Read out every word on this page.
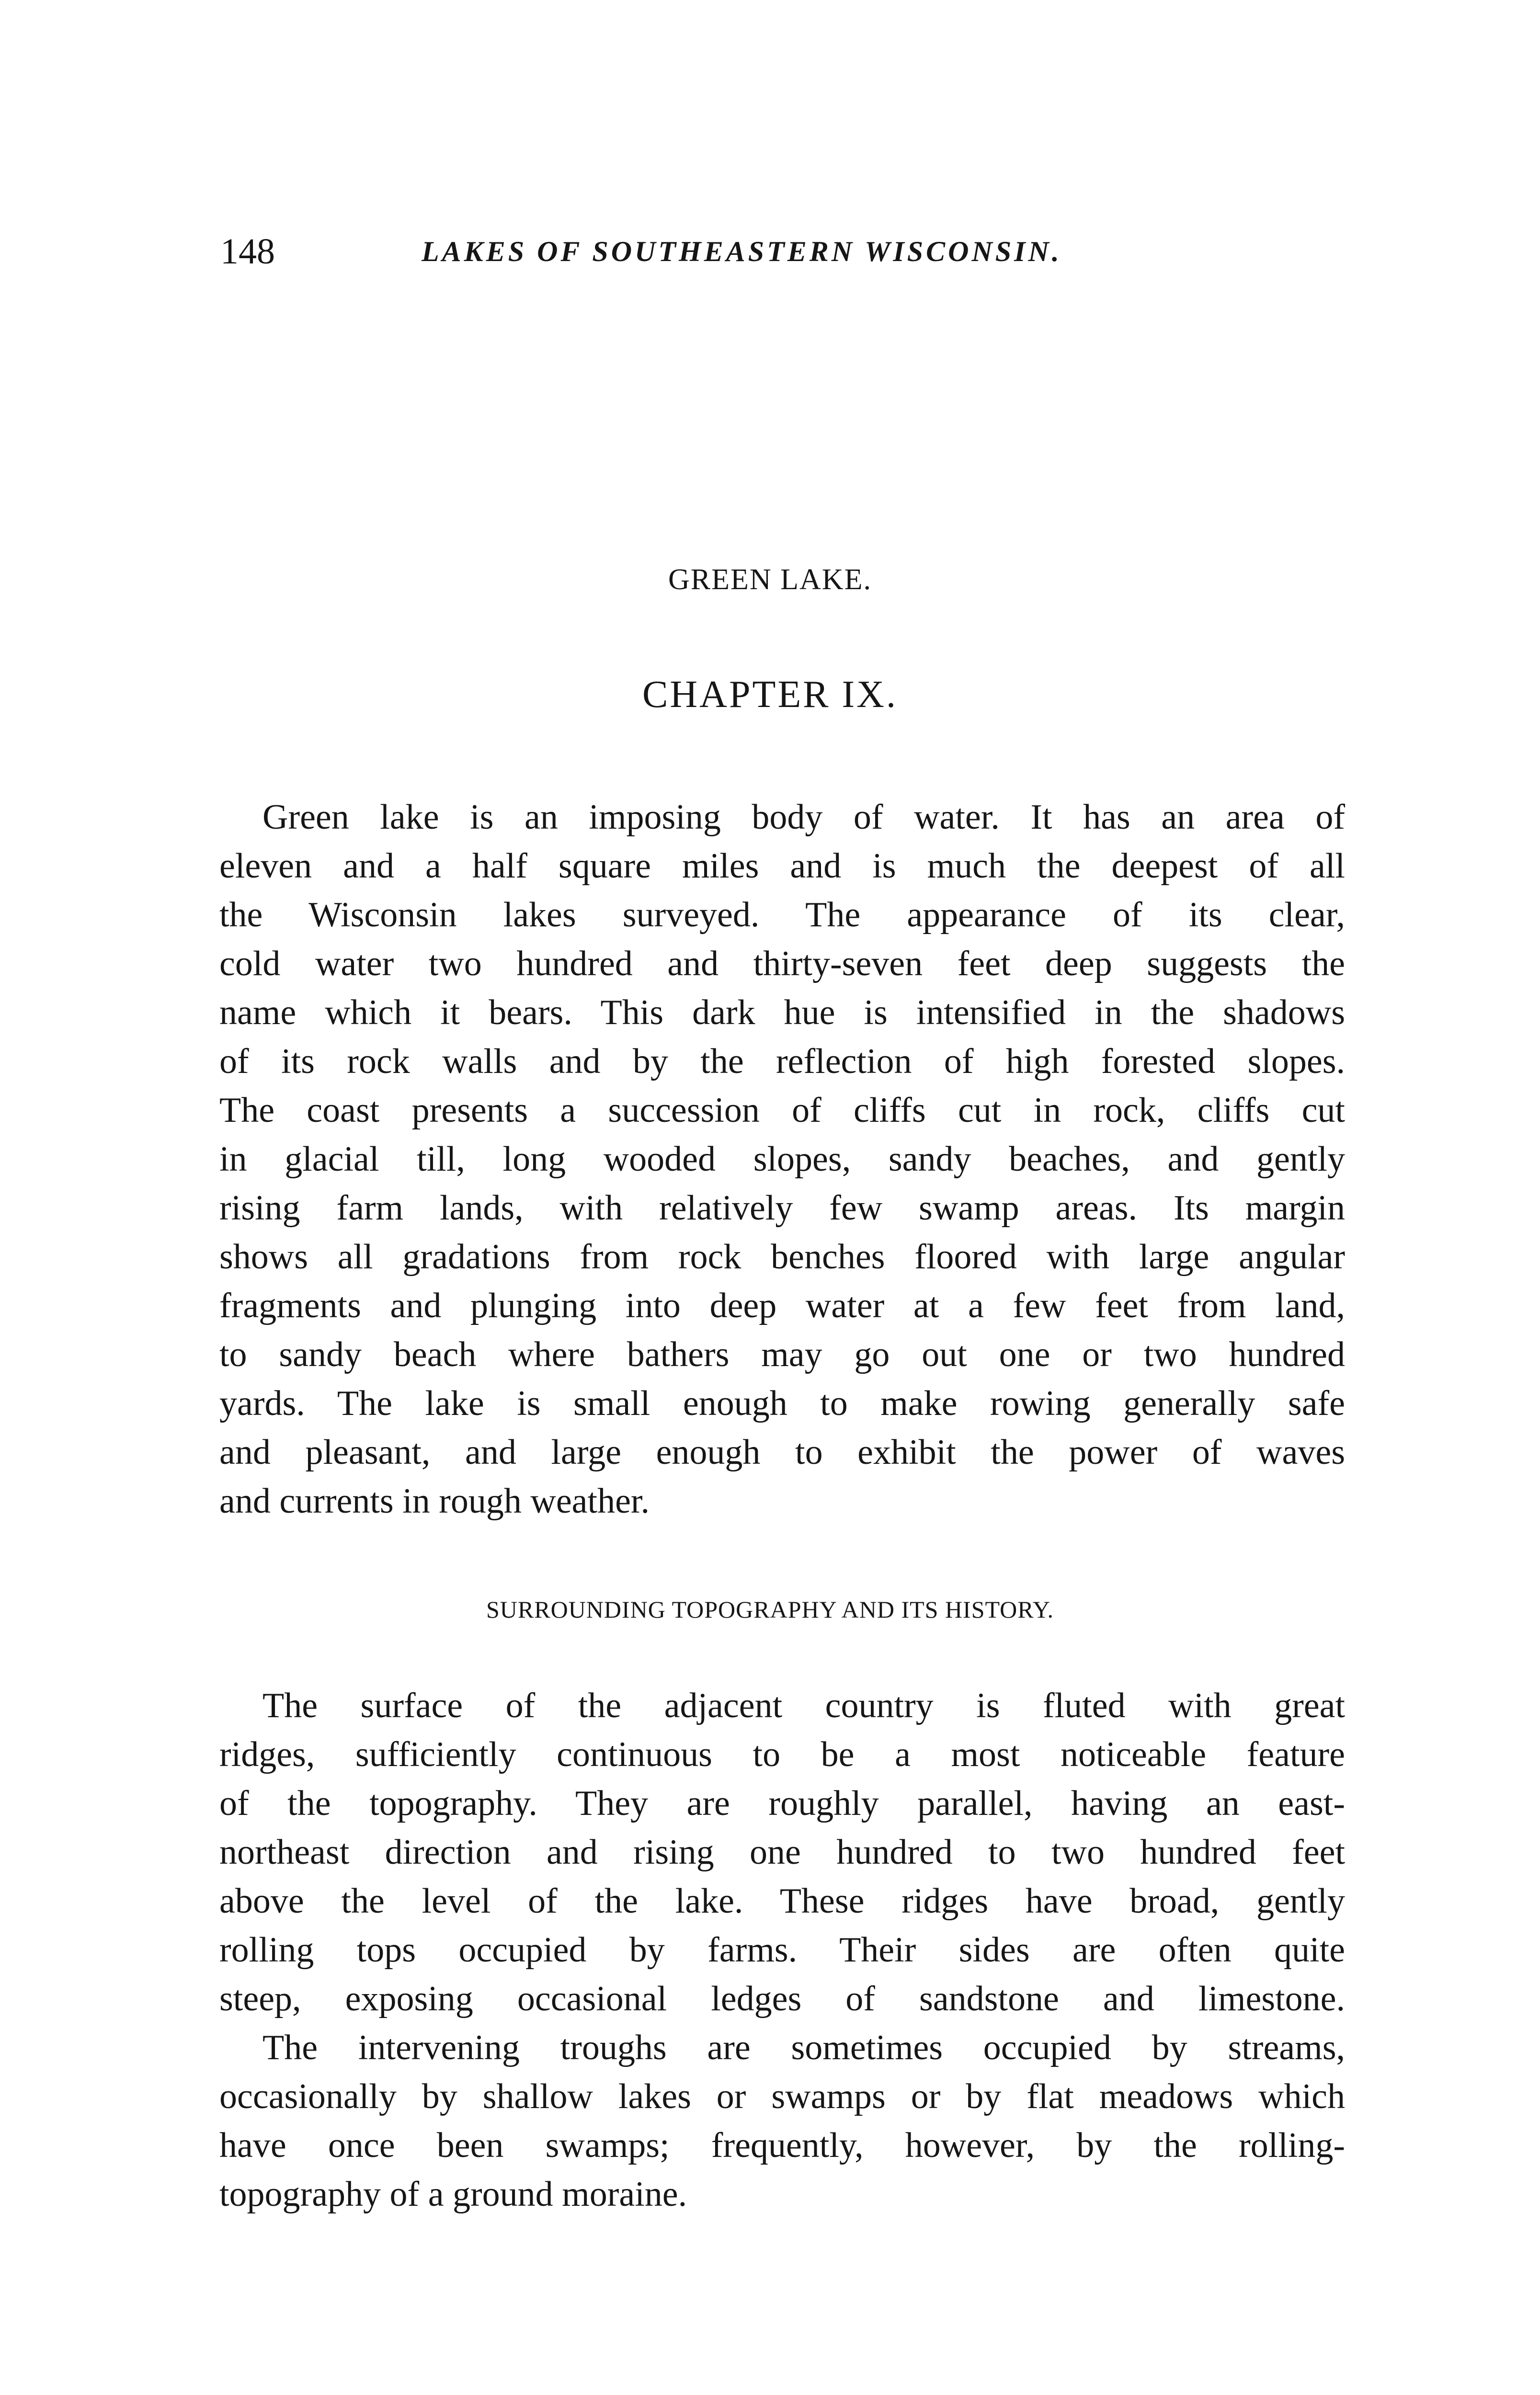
148	LAKES OF SOUTHEASTERN WISCONSIN.
GREEN LAKE.
CHAPTER IX.
Green lake is an imposing body of water. It has an area of
eleven and a half square miles and is much the deepest of all
the Wisconsin lakes surveyed. The appearance of its clear,
cold water two hundred and thirty-seven feet deep suggests the
name which it bears. This dark hue is intensified in the shadows
of its rock walls and by the reflection of high forested slopes.
The coast presents a succession of cliffs cut in rock, cliffs cut
in glacial till, long wooded slopes, sandy beaches, and gently
rising farm lands, with relatively few swamp areas. Its margin
shows all gradations from rock benches floored with large angular
fragments and plunging into deep water at a few feet from land,
to sandy beach where bathers may go out one or two hundred
yards. The lake is small enough to make rowing generally safe
and pleasant, and large enough to exhibit the power of waves
and currents in rough weather.
SURROUNDING TOPOGRAPHY AND ITS HISTORY.
The surface of the adjacent country is fluted with great
ridges, sufficiently continuous to be a most noticeable feature
of the topography. They are roughly parallel, having an east-
northeast direction and rising one hundred to two hundred feet
above the level of the lake. These ridges have broad, gently
rolling tops occupied by farms. Their sides are often quite
steep, exposing occasional ledges of sandstone and limestone.
The intervening troughs are sometimes occupied by streams,
occasionally by shallow lakes or swamps or by flat meadows which
have once been swamps; frequently, however, by the rolling-
topography of a ground moraine.
